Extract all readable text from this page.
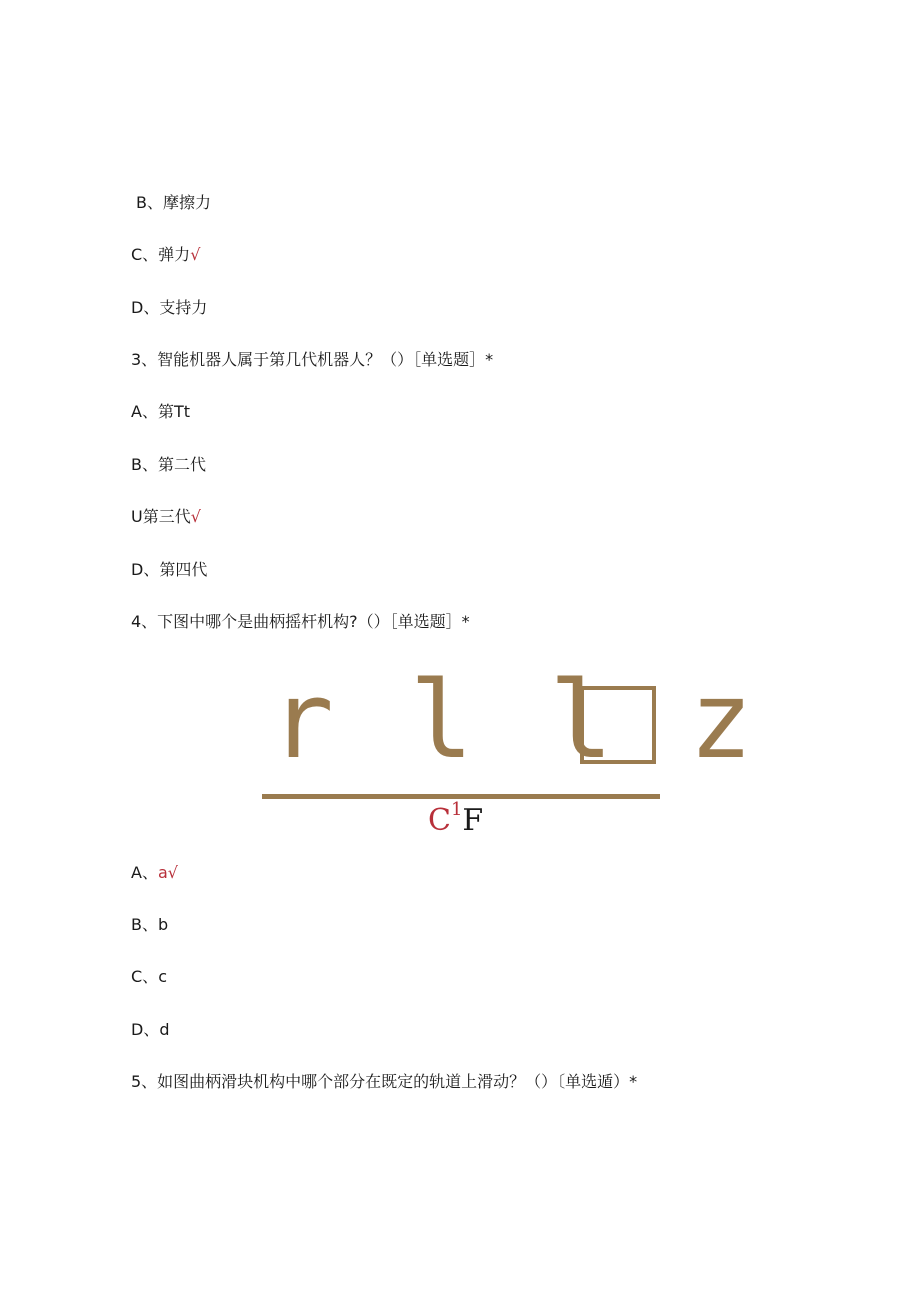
B、摩擦力
C、弹力√
D、支持力
3、智能机器人属于第几代机器人？（）［单选题］*
A、第Tt
B、第二代
U第三代√
D、第四代
4、下图中哪个是曲柄摇杆机构?（）［单选题］*
r l l z
$C^1F$
A、a√
B、b
C、c
D、d
5、如图曲柄滑块机构中哪个部分在既定的轨道上滑动？（）〔单选遁）*
